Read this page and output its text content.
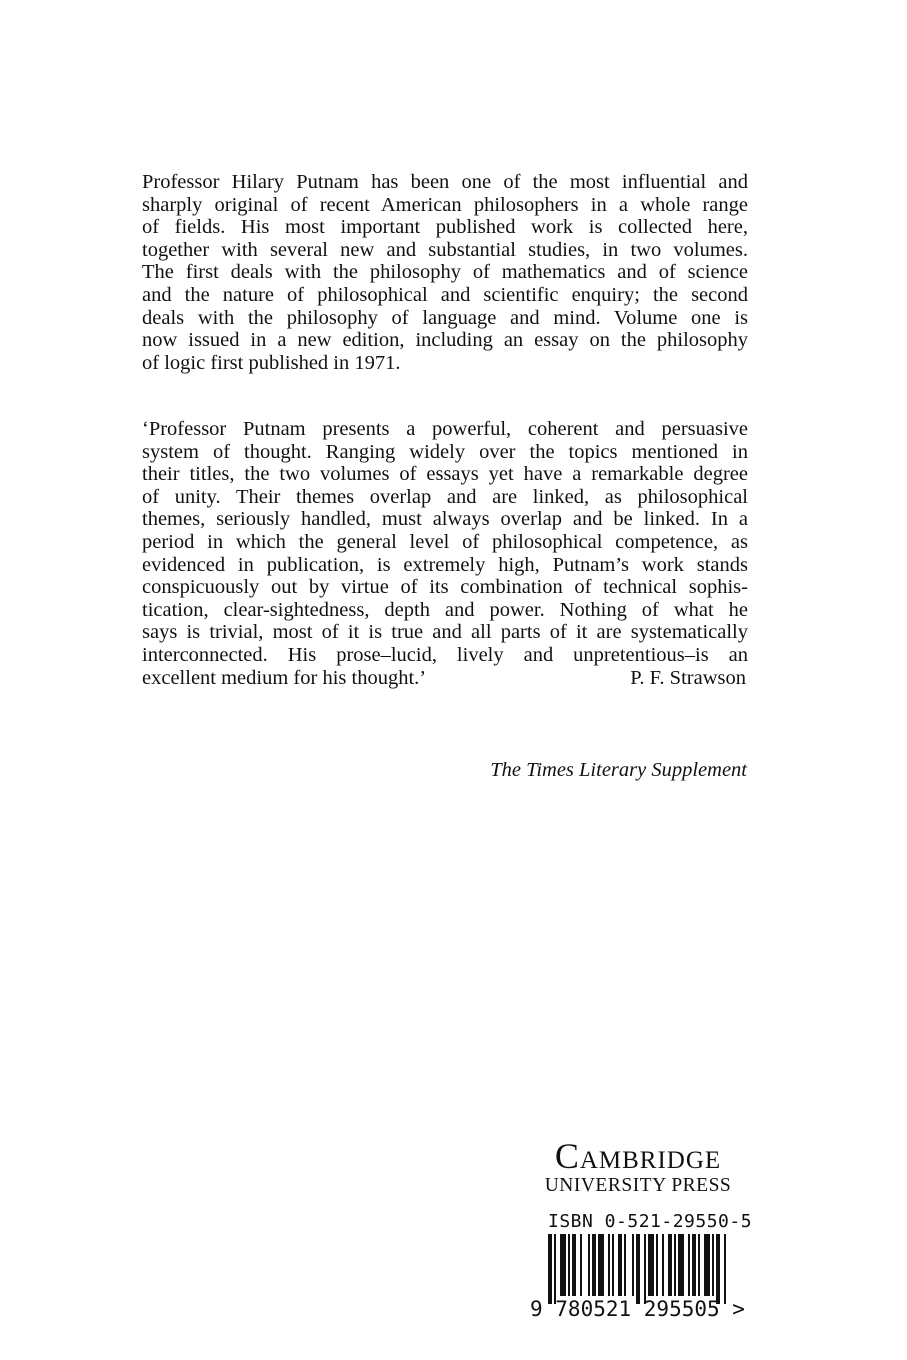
Professor Hilary Putnam has been one of the most influential and
sharply original of recent American philosophers in a whole range
of fields. His most important published work is collected here,
together with several new and substantial studies, in two volumes.
The first deals with the philosophy of mathematics and of science
and the nature of philosophical and scientific enquiry; the second
deals with the philosophy of language and mind. Volume one is
now issued in a new edition, including an essay on the philosophy
of logic first published in 1971.
‘Professor Putnam presents a powerful, coherent and persuasive
system of thought. Ranging widely over the topics mentioned in
their titles, the two volumes of essays yet have a remarkable degree
of unity. Their themes overlap and are linked, as philosophical
themes, seriously handled, must always overlap and be linked. In a
period in which the general level of philosophical competence, as
evidenced in publication, is extremely high, Putnam’s work stands
conspicuously out by virtue of its combination of technical sophis-
tication, clear-sightedness, depth and power. Nothing of what he
says is trivial, most of it is true and all parts of it are systematically
interconnected. His prose–lucid, lively and unpretentious–is an
excellent medium for his thought.’	P. F. Strawson
The Times Literary Supplement
Cambridge
UNIVERSITY PRESS
ISBN 0-521-29550-5
9 780521 295505 >
